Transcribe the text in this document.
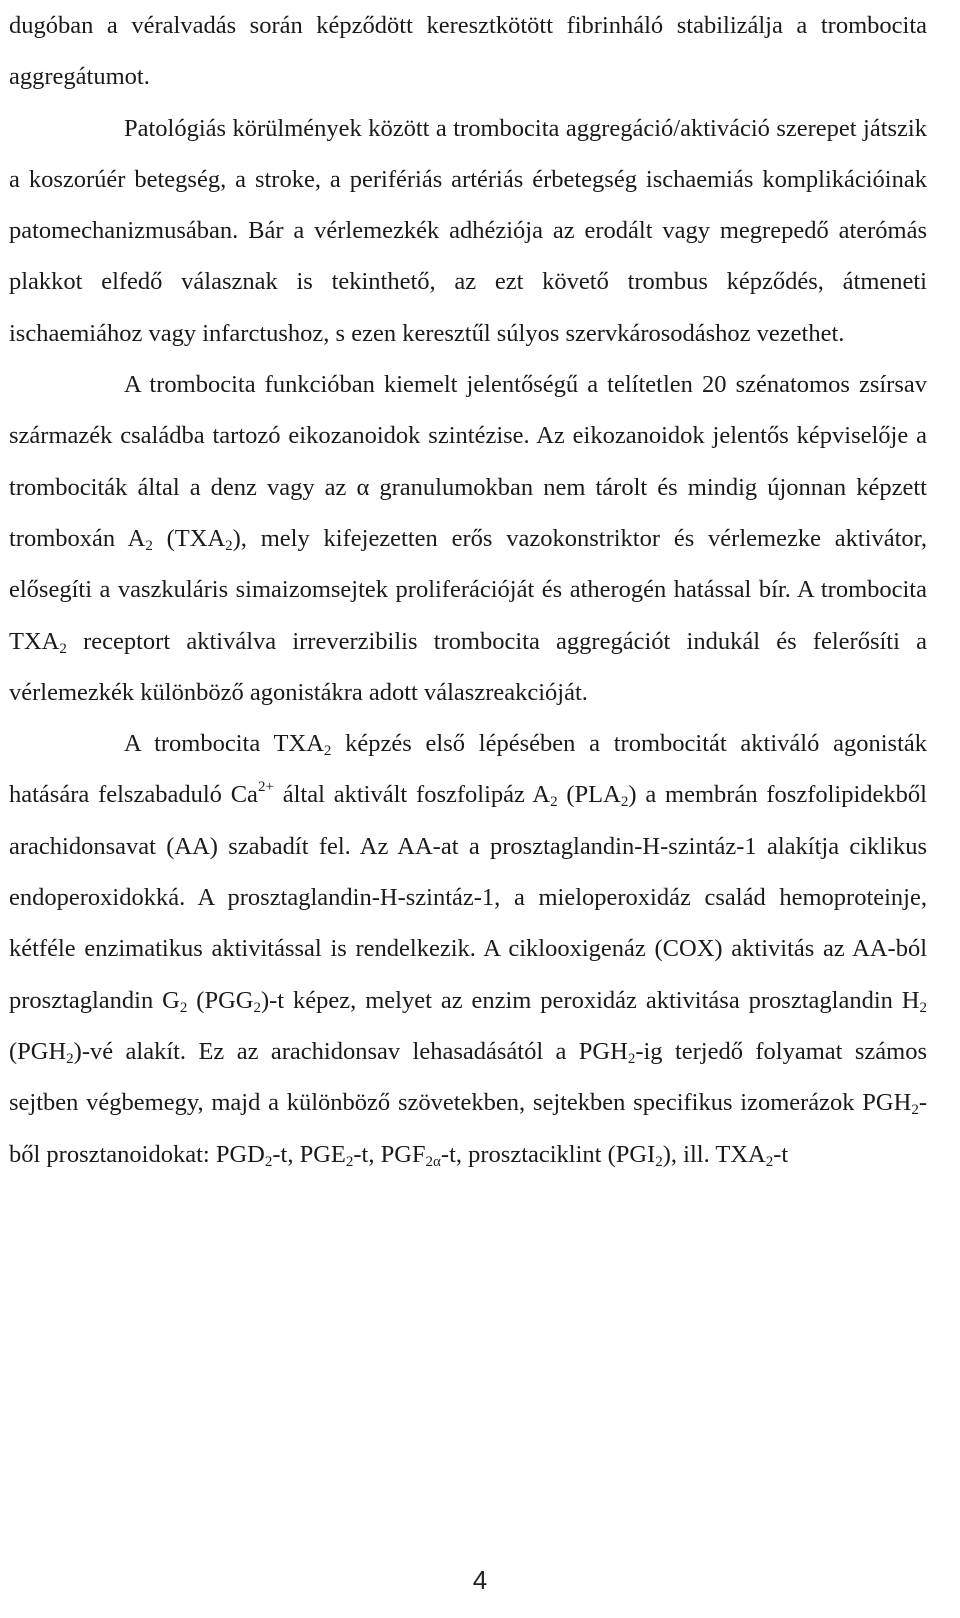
dugóban a véralvadás során képződött keresztkötött fibrinháló stabilizálja a trombocita aggregátumot.

Patológiás körülmények között a trombocita aggregáció/aktiváció szerepet játszik a koszorúér betegség, a stroke, a perifériás artériás érbetegség ischaemiás komplikációinak patomechanizmusában. Bár a vérlemezkék adhéziója az erodált vagy megrepedő aterómás plakkot elfedő válasznak is tekinthető, az ezt követő trombus képződés, átmeneti ischaemiához vagy infarctushoz, s ezen keresztűl súlyos szervkárosodáshoz vezethet.

A trombocita funkcióban kiemelt jelentőségű a telítetlen 20 szénatomos zsírsav származék családba tartozó eikozanoidok szintézise. Az eikozanoidok jelentős képviselője a trombociták által a denz vagy az α granulumokban nem tárolt és mindig újonnan képzett tromboxán $A_2$ $(TXA_2)$, mely kifejezetten erős vazokonstriktor és vérlemezke aktivátor, elősegíti a vaszkuláris simaizomsejtek proliferációját és atherogén hatással bír. A trombocita $TXA_2$ receptort aktiválva irreverzibilis trombocita aggregációt indukál és felerősíti a vérlemezkék különböző agonistákra adott válaszreakcióját.

A trombocita $TXA_2$ képzés első lépésében a trombocitát aktiváló agonisták hatására felszabaduló $Ca^{2+}$ által aktivált foszfolipáz $A_2$ $(PLA_2)$ a membrán foszfolipidekből arachidonsavat (AA) szabadít fel. Az AA-at a prosztaglandin-H-szintáz-1 alakítja ciklikus endoperoxidokká. A prosztaglandin-H-szintáz-1, a mieloperoxidáz család hemoproteinje, kétféle enzimatikus aktivitással is rendelkezik. A ciklooxigenáz (COX) aktivitás az AA-ból prosztaglandin $G_2$ $(PGG_2)-t$ képez, melyet az enzim peroxidáz aktivitása prosztaglandin $H_2$ $(PGH_2)-vé$ alakít. Ez az arachidonsav lehasadásától a $PGH_2-ig$ terjedő folyamat számos sejtben végbemegy, majd a különböző szövetekben, sejtekben specifikus izomerázok $PGH_2$-ből prosztanoidokat: $PGD_2-t$, $PGE_2-t$, $PGF_{2\alpha}-t$, prosztaciklint $(PGI_2)$, ill. $TXA_2-t$

4
